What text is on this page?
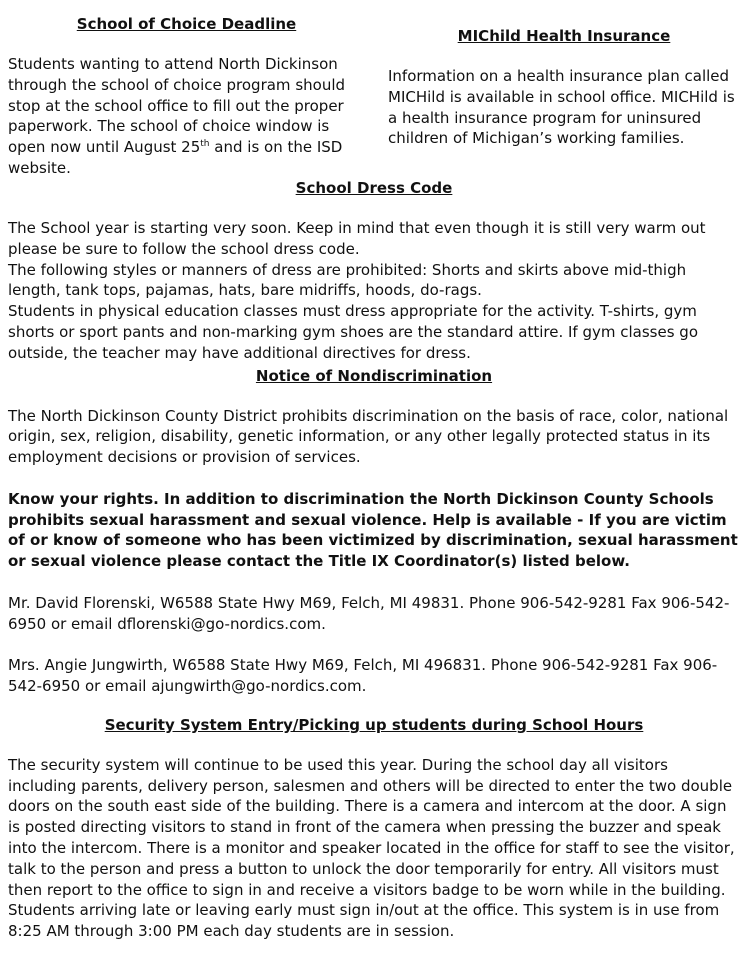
School of Choice Deadline

Students wanting to attend North Dickinson through the school of choice program should stop at the school office to fill out the proper paperwork. The school of choice window is open now until August 25th and is on the ISD website.

MIChild Health Insurance

Information on a health insurance plan called MICHild is available in school office. MICHild is a health insurance program for uninsured children of Michigan’s working families.

School Dress Code

The School year is starting very soon. Keep in mind that even though it is still very warm out please be sure to follow the school dress code.

The following styles or manners of dress are prohibited: Shorts and skirts above mid-thigh length, tank tops, pajamas, hats, bare midriffs, hoods, do-rags.

Students in physical education classes must dress appropriate for the activity. T-shirts, gym shorts or sport pants and non-marking gym shoes are the standard attire. If gym classes go outside, the teacher may have additional directives for dress.

Notice of Nondiscrimination

The North Dickinson County District prohibits discrimination on the basis of race, color, national origin, sex, religion, disability, genetic information, or any other legally protected status in its employment decisions or provision of services.

Know your rights. In addition to discrimination the North Dickinson County Schools prohibits sexual harassment and sexual violence. Help is available - If you are victim of or know of someone who has been victimized by discrimination, sexual harassment or sexual violence please contact the Title IX Coordinator(s) listed below.

Mr. David Florenski, W6588 State Hwy M69, Felch, MI 49831. Phone 906-542-9281 Fax 906-542-6950 or email dflorenski@go-nordics.com.

Mrs. Angie Jungwirth, W6588 State Hwy M69, Felch, MI 496831. Phone 906-542-9281 Fax 906-542-6950 or email ajungwirth@go-nordics.com.

Security System Entry/Picking up students during School Hours

The security system will continue to be used this year. During the school day all visitors including parents, delivery person, salesmen and others will be directed to enter the two double doors on the south east side of the building. There is a camera and intercom at the door. A sign is posted directing visitors to stand in front of the camera when pressing the buzzer and speak into the intercom. There is a monitor and speaker located in the office for staff to see the visitor, talk to the person and press a button to unlock the door temporarily for entry. All visitors must then report to the office to sign in and receive a visitors badge to be worn while in the building. Students arriving late or leaving early must sign in/out at the office. This system is in use from 8:25 AM through 3:00 PM each day students are in session.
